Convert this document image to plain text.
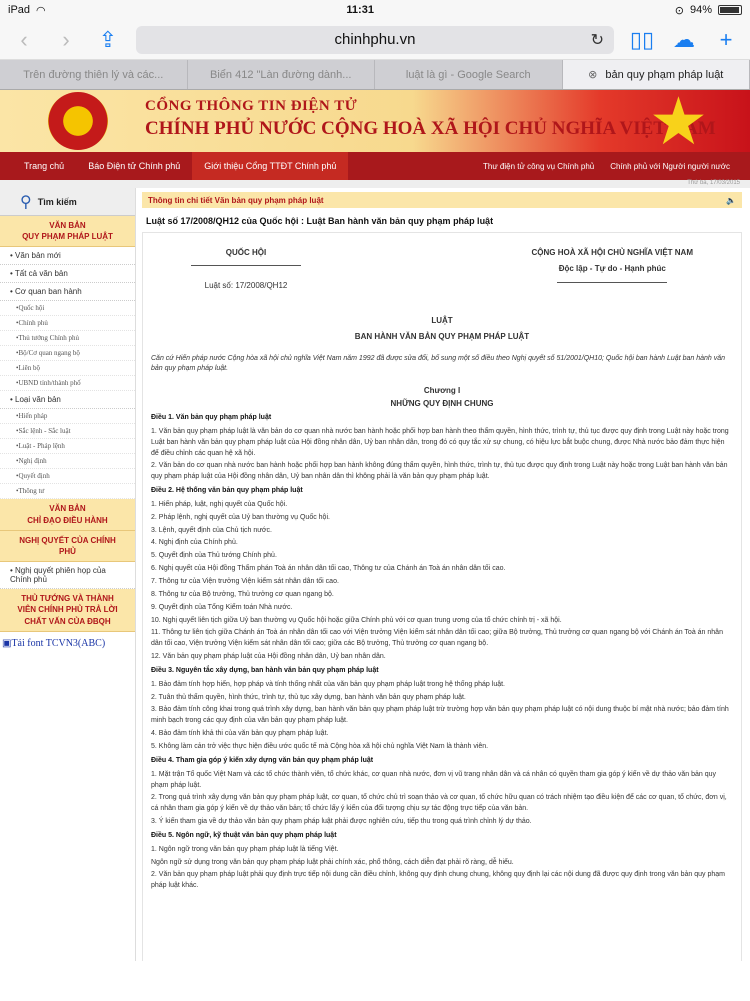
iPad ◠	11:31	⊙ 94%
‹	›	⇪	chinhphu.vn	↻ ▯▯ ☁	+
Trên đường thiên lý và các...	Biển 412 "Làn đường dành...	luật là gì - Google Search	⊗ bản quy phạm pháp luật
CỔNG THÔNG TIN ĐIỆN TỬ
CHÍNH PHỦ NƯỚC CỘNG HOÀ XÃ HỘI CHỦ NGHĨA VIỆT NAM
★
Trang chủ	Báo Điện tử Chính phủ	Giới thiệu Cổng TTĐT Chính phủ	Thư điện tử công vụ Chính phủ	Chính phủ với Người người nước
Thứ ba, 17/03/2015
⚲ Tìm kiếm
VĂN BẢN
QUY PHẠM PHÁP LUẬT
• Văn bản mới
• Tất cả văn bản
• Cơ quan ban hành
•Quốc hội
•Chính phủ
•Thủ tướng Chính phủ
•Bộ/Cơ quan ngang bộ
•Liên bộ
•UBND tỉnh/thành phố
• Loại văn bản
•Hiến pháp
•Sắc lệnh - Sắc luật
•Luật - Pháp lệnh
•Nghị định
•Quyết định
•Thông tư
VĂN BẢN
CHỈ ĐẠO ĐIỀU HÀNH
NGHỊ QUYẾT CỦA CHÍNH
PHỦ
• Nghị quyết phiên họp của Chính phủ
THỦ TƯỚNG VÀ THÀNH
VIÊN CHÍNH PHỦ TRẢ LỜI
CHẤT VẤN CỦA ĐBQH
▣Tải font TCVN3(ABC)
Thông tin chi tiết Văn bản quy phạm pháp luật	🔈
Luật số 17/2008/QH12 của Quốc hội : Luật Ban hành văn bản quy phạm pháp luật
QUỐC HỘI
Luật số: 17/2008/QH12
CỘNG HOÀ XÃ HỘI CHỦ NGHĨA VIỆT NAM
Độc lập - Tự do - Hạnh phúc
LUẬT
BAN HÀNH VĂN BẢN QUY PHẠM PHÁP LUẬT
Căn cứ Hiến pháp nước Cộng hòa xã hội chủ nghĩa Việt Nam năm 1992 đã được sửa đổi, bổ sung một số điều theo Nghị quyết số 51/2001/QH10; Quốc hội ban hành Luật ban hành văn bản quy phạm pháp luật.
Chương I
NHỮNG QUY ĐỊNH CHUNG
Điều 1. Văn bản quy phạm pháp luật
1. Văn bản quy phạm pháp luật là văn bản do cơ quan nhà nước ban hành hoặc phối hợp ban hành theo thẩm quyền, hình thức, trình tự, thủ tục được quy định trong Luật này hoặc trong Luật ban hành văn bản quy phạm pháp luật của Hội đồng nhân dân, Uỷ ban nhân dân, trong đó có quy tắc xử sự chung, có hiệu lực bắt buộc chung, được Nhà nước bảo đảm thực hiện để điều chỉnh các quan hệ xã hội.
2. Văn bản do cơ quan nhà nước ban hành hoặc phối hợp ban hành không đúng thẩm quyền, hình thức, trình tự, thủ tục được quy định trong Luật này hoặc trong Luật ban hành văn bản quy phạm pháp luật của Hội đồng nhân dân, Uỷ ban nhân dân thì không phải là văn bản quy phạm pháp luật.
Điều 2. Hệ thống văn bản quy phạm pháp luật
1. Hiến pháp, luật, nghị quyết của Quốc hội.
2. Pháp lệnh, nghị quyết của Uỷ ban thường vụ Quốc hội.
3. Lệnh, quyết định của Chủ tịch nước.
4. Nghị định của Chính phủ.
5. Quyết định của Thủ tướng Chính phủ.
6. Nghị quyết của Hội đồng Thẩm phán Toà án nhân dân tối cao, Thông tư của Chánh án Toà án nhân dân tối cao.
7. Thông tư của Viện trưởng Viện kiểm sát nhân dân tối cao.
8. Thông tư của Bộ trưởng, Thủ trưởng cơ quan ngang bộ.
9. Quyết định của Tổng Kiểm toán Nhà nước.
10. Nghị quyết liên tịch giữa Uỷ ban thường vụ Quốc hội hoặc giữa Chính phủ với cơ quan trung ương của tổ chức chính trị - xã hội.
11. Thông tư liên tịch giữa Chánh án Toà án nhân dân tối cao với Viện trưởng Viện kiểm sát nhân dân tối cao; giữa Bộ trưởng, Thủ trưởng cơ quan ngang bộ với Chánh án Toà án nhân dân tối cao, Viện trưởng Viện kiểm sát nhân dân tối cao; giữa các Bộ trưởng, Thủ trưởng cơ quan ngang bộ.
12. Văn bản quy phạm pháp luật của Hội đồng nhân dân, Uỷ ban nhân dân.
Điều 3. Nguyên tắc xây dựng, ban hành văn bản quy phạm pháp luật
1. Bảo đảm tính hợp hiến, hợp pháp và tính thống nhất của văn bản quy phạm pháp luật trong hệ thống pháp luật.
2. Tuân thủ thẩm quyền, hình thức, trình tự, thủ tục xây dựng, ban hành văn bản quy phạm pháp luật.
3. Bảo đảm tính công khai trong quá trình xây dựng, ban hành văn bản quy phạm pháp luật trừ trường hợp văn bản quy phạm pháp luật có nội dung thuộc bí mật nhà nước; bảo đảm tính minh bạch trong các quy định của văn bản quy phạm pháp luật.
4. Bảo đảm tính khả thi của văn bản quy phạm pháp luật.
5. Không làm cản trở việc thực hiện điều ước quốc tế mà Cộng hòa xã hội chủ nghĩa Việt Nam là thành viên.
Điều 4. Tham gia góp ý kiến xây dựng văn bản quy phạm pháp luật
1. Mặt trận Tổ quốc Việt Nam và các tổ chức thành viên, tổ chức khác, cơ quan nhà nước, đơn vị vũ trang nhân dân và cá nhân có quyền tham gia góp ý kiến về dự thảo văn bản quy phạm pháp luật.
2. Trong quá trình xây dựng văn bản quy phạm pháp luật, cơ quan, tổ chức chủ trì soạn thảo và cơ quan, tổ chức hữu quan có trách nhiệm tạo điều kiện để các cơ quan, tổ chức, đơn vị, cá nhân tham gia góp ý kiến về dự thảo văn bản; tổ chức lấy ý kiến của đối tượng chịu sự tác động trực tiếp của văn bản.
3. Ý kiến tham gia về dự thảo văn bản quy phạm pháp luật phải được nghiên cứu, tiếp thu trong quá trình chỉnh lý dự thảo.
Điều 5. Ngôn ngữ, kỹ thuật văn bản quy phạm pháp luật
1. Ngôn ngữ trong văn bản quy phạm pháp luật là tiếng Việt.
Ngôn ngữ sử dụng trong văn bản quy phạm pháp luật phải chính xác, phổ thông, cách diễn đạt phải rõ ràng, dễ hiểu.
2. Văn bản quy phạm pháp luật phải quy định trực tiếp nội dung cần điều chỉnh, không quy định chung chung, không quy định lại các nội dung đã được quy định trong văn bản quy phạm pháp luật khác.
